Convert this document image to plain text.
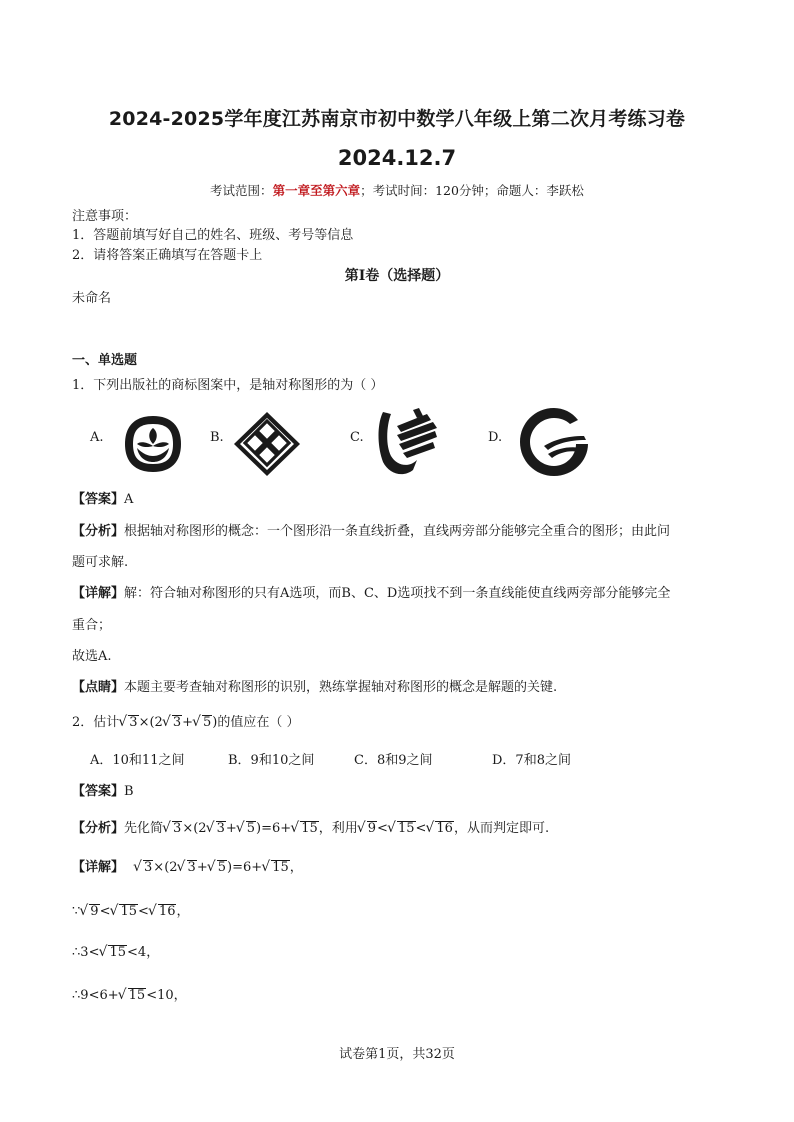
2024-2025学年度江苏南京市初中数学八年级上第二次月考练习卷
2024.12.7
考试范围：第一章至第六章；考试时间：120分钟；命题人：李跃松
注意事项：
1．答题前填写好自己的姓名、班级、考号等信息
2．请将答案正确填写在答题卡上
第I卷（选择题）
未命名
一、单选题
1．下列出版社的商标图案中，是轴对称图形的为（ ）
A.	B.	C.	D.
【答案】A
【分析】根据轴对称图形的概念：一个图形沿一条直线折叠，直线两旁部分能够完全重合的图形；由此问
题可求解.
【详解】解：符合轴对称图形的只有A选项，而B、C、D选项找不到一条直线能使直线两旁部分能够完全
重合；
故选A.
【点睛】本题主要考查轴对称图形的识别，熟练掌握轴对称图形的概念是解题的关键.
2．估计 √ 3×(2 √ 3+ √ 5)的值应在（ ）
A．10和11之间	B．9和10之间	C．8和9之间	D．7和8之间
【答案】B
【分析】先化简 √ 3×(2 √ 3+ √ 5)=6+ √ 15，利用 √ 9< √ 15< √ 16，从而判定即可.
【详解】 √ 3×(2 √ 3+ √ 5)=6+ √ 15，
∵ √ 9< √ 15< √ 16，
∴3< √ 15<4，
∴9<6+ √ 15<10，
试卷第1页，共32页
